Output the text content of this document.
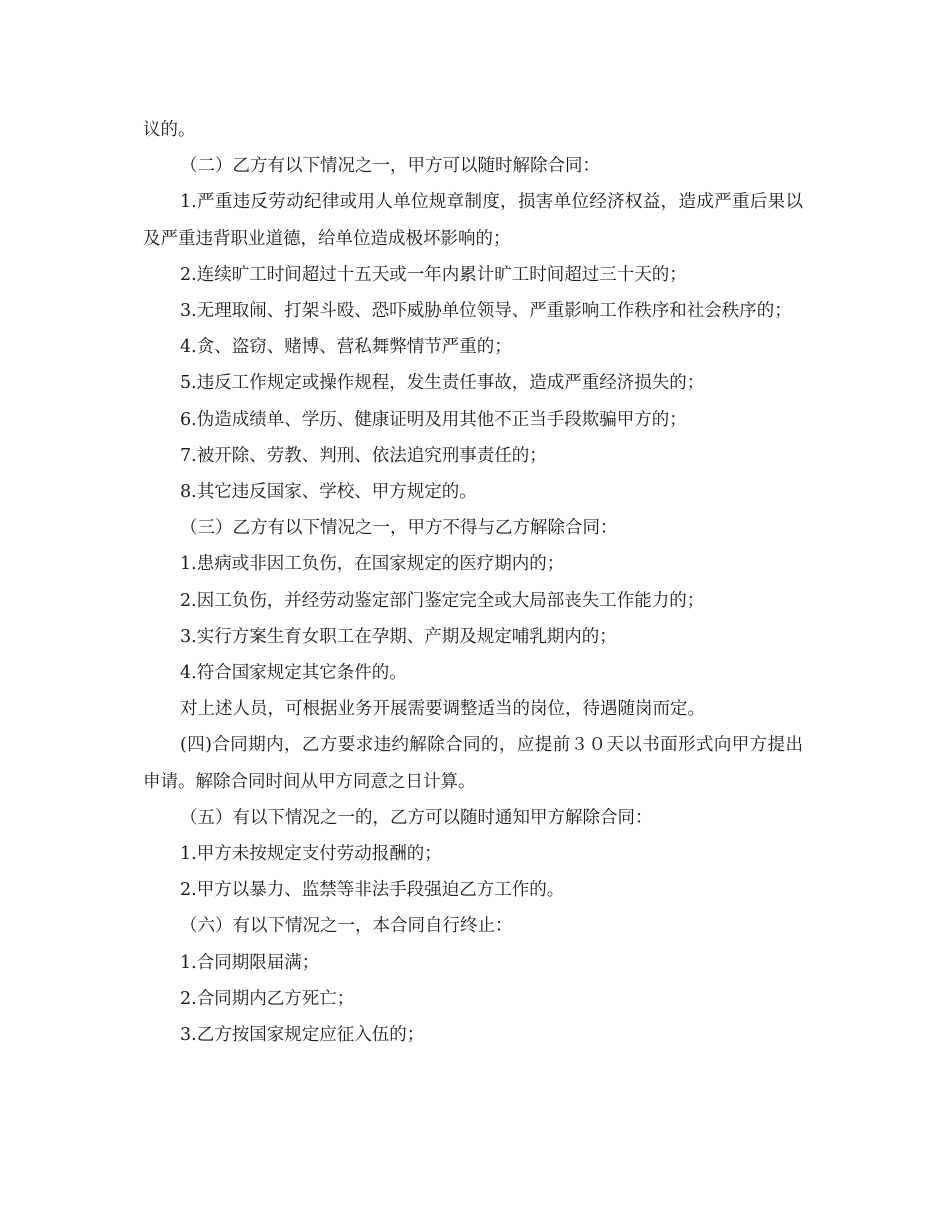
议的。

（二）乙方有以下情况之一，甲方可以随时解除合同：

1.严重违反劳动纪律或用人单位规章制度，损害单位经济权益，造成严重后果以及严重违背职业道德，给单位造成极坏影响的；

2.连续旷工时间超过十五天或一年内累计旷工时间超过三十天的；

3.无理取闹、打架斗殴、恐吓威胁单位领导、严重影响工作秩序和社会秩序的；

4.贪、盗窃、赌博、营私舞弊情节严重的；

5.违反工作规定或操作规程，发生责任事故，造成严重经济损失的；

6.伪造成绩单、学历、健康证明及用其他不正当手段欺骗甲方的；

7.被开除、劳教、判刑、依法追究刑事责任的；

8.其它违反国家、学校、甲方规定的。

（三）乙方有以下情况之一，甲方不得与乙方解除合同：

1.患病或非因工负伤，在国家规定的医疗期内的；

2.因工负伤，并经劳动鉴定部门鉴定完全或大局部丧失工作能力的；

3.实行方案生育女职工在孕期、产期及规定哺乳期内的；

4.符合国家规定其它条件的。

对上述人员，可根据业务开展需要调整适当的岗位，待遇随岗而定。

(四)合同期内，乙方要求违约解除合同的，应提前３０天以书面形式向甲方提出申请。解除合同时间从甲方同意之日计算。

（五）有以下情况之一的，乙方可以随时通知甲方解除合同：

1.甲方未按规定支付劳动报酬的；

2.甲方以暴力、监禁等非法手段强迫乙方工作的。

（六）有以下情况之一，本合同自行终止：

1.合同期限届满；

2.合同期内乙方死亡；

3.乙方按国家规定应征入伍的；
